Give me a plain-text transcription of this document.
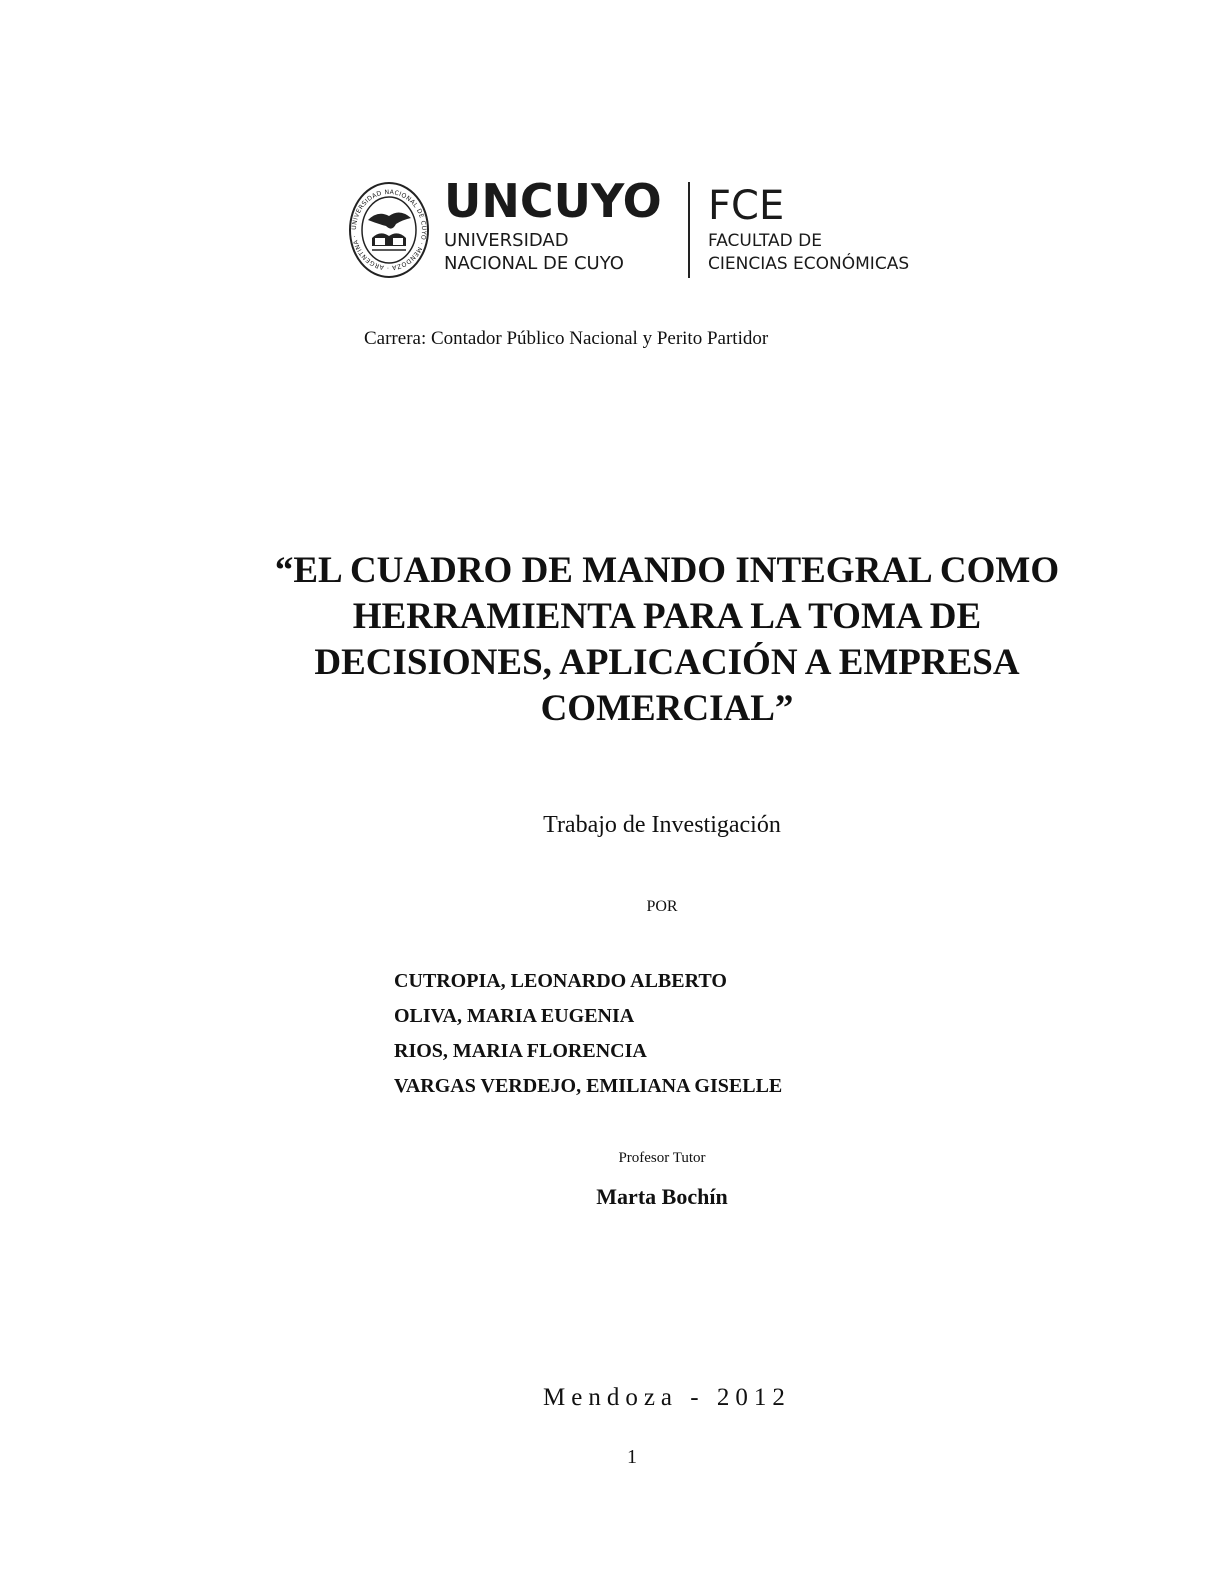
UNIVERSIDAD NACIONAL DE CUYO · MENDOZA · ARGENTINA ·
UNCUYO
UNIVERSIDAD
NACIONAL DE CUYO
FCE
FACULTAD DE
CIENCIAS ECONÓMICAS
Carrera: Contador Público Nacional y Perito Partidor
“EL CUADRO DE MANDO INTEGRAL COMO
HERRAMIENTA PARA LA TOMA DE
DECISIONES, APLICACIÓN A EMPRESA
COMERCIAL”
Trabajo de Investigación
POR
CUTROPIA, LEONARDO ALBERTO
OLIVA, MARIA EUGENIA
RIOS, MARIA FLORENCIA
VARGAS VERDEJO, EMILIANA GISELLE
Profesor Tutor
Marta Bochín
Mendoza - 2012
1
